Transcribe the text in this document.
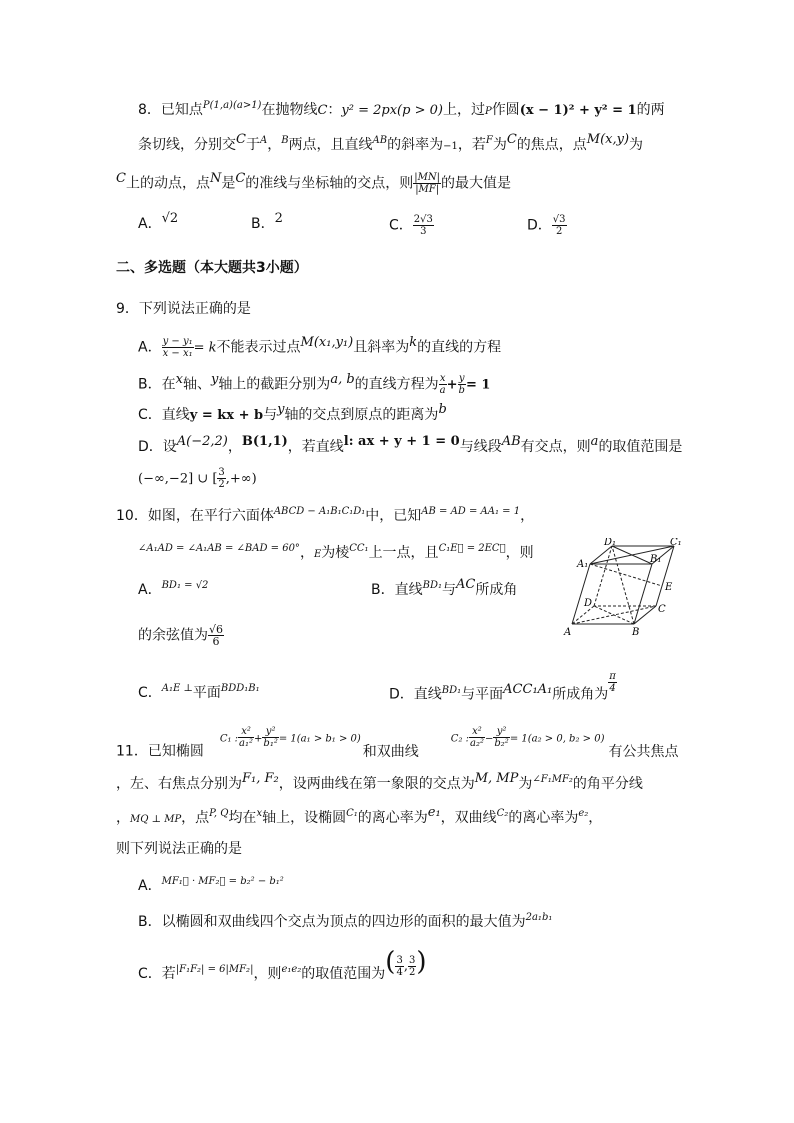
8．已知点$^{P(1,a)(a>1)}$在抛物线C：y² = 2px(p > 0)上，过P作圆(x − 1)² + y² = 1的两
条切线，分别交C于$^A$，$^B$两点，且直线$^{AB}$的斜率为−1，若$^F$为C的焦点，点M(x,y)为
C上的动点，点N是C的准线与坐标轴的交点，则 $\frac{|MN|}{|MF|}$ 的最大值是
A．√2	B．2	C． $\frac{2√3}{3}$	D． $\frac{√3}{2}$
二、多选题（本大题共3小题）
9．下列说法正确的是
A． $\frac{\text{y − y₁}}{\text{x − x₁}} = k$不能表示过点M(x₁,y₁)且斜率为k的直线的方程
B．在x轴、y轴上的截距分别为a, b的直线方程为 $\frac{x}{a} + \frac{y}{b} = 1$
C．直线y = kx + b与y轴的交点到原点的距离为b
D．设A(−2,2)，B(1,1)，若直线l: ax + y + 1 = 0与线段AB有交点，则a的取值范围是
(−∞,−2] ∪ [ $\frac{3}{2}$ ,+∞)
10．如图，在平行六面体$^{ABCD - A_1B_1C_1D_1}$中，已知$^{AB = AD = AA_1 = 1}$，
$^{\angle A_1AD = \angle A_1AB = \angle BAD = 60^\circ}$，E为棱$^{CC_1}$上一点，且$^{C_1E⃗ = 2EC⃗}$，则
A．$^{BD_1 = √2}$	B．直线$^{BD_1}$与AC所成角
的余弦值为 $\frac{√6}{6}$
C．$^{A_1E \perp}$平面$^{BDD_1B_1}$	D．直线$^{BD_1}$与平面ACC₁A₁所成角为
$\frac{\pi}{4}$
A	B
C
D
A₁	B₁
C₁
D₁
E
11．已知椭圆C₁ : $\frac{\text{x²}}{\text{a₁²}} + \frac{\text{y²}}{\text{b₁²}} = 1(a_1 > b_1 > 0)$和双曲线C₂ : $\frac{\text{x²}}{\text{a₂²}} - \frac{\text{y²}}{\text{b₂²}} = 1(a_2 > 0$, b₂ > 0)有公共焦点
，左、右焦点分别为F₁, F₂，设两曲线在第一象限的交点为M, MP为$^{\angle F_1MF_2}$的角平分线
，MQ ⊥ MP，点$^{P, Q}$均在$^x$轴上，设椭圆$^{C_1}$的离心率为e₁，双曲线$^{C_2}$的离心率为$^{e_2}$，
则下列说法正确的是
A．$^{MF_1⃗ \cdot MF_2⃗ = b_2^2 - b_1^2}$
B．以椭圆和双曲线四个交点为顶点的四边形的面积的最大值为$^{2a_1b_1}$
C．若$^{|F_1F_2| = 6|MF_2|}$，则$^{e_1e_2}$的取值范围为( $\frac{3}{4}$ , $\frac{3}{2}$ )
